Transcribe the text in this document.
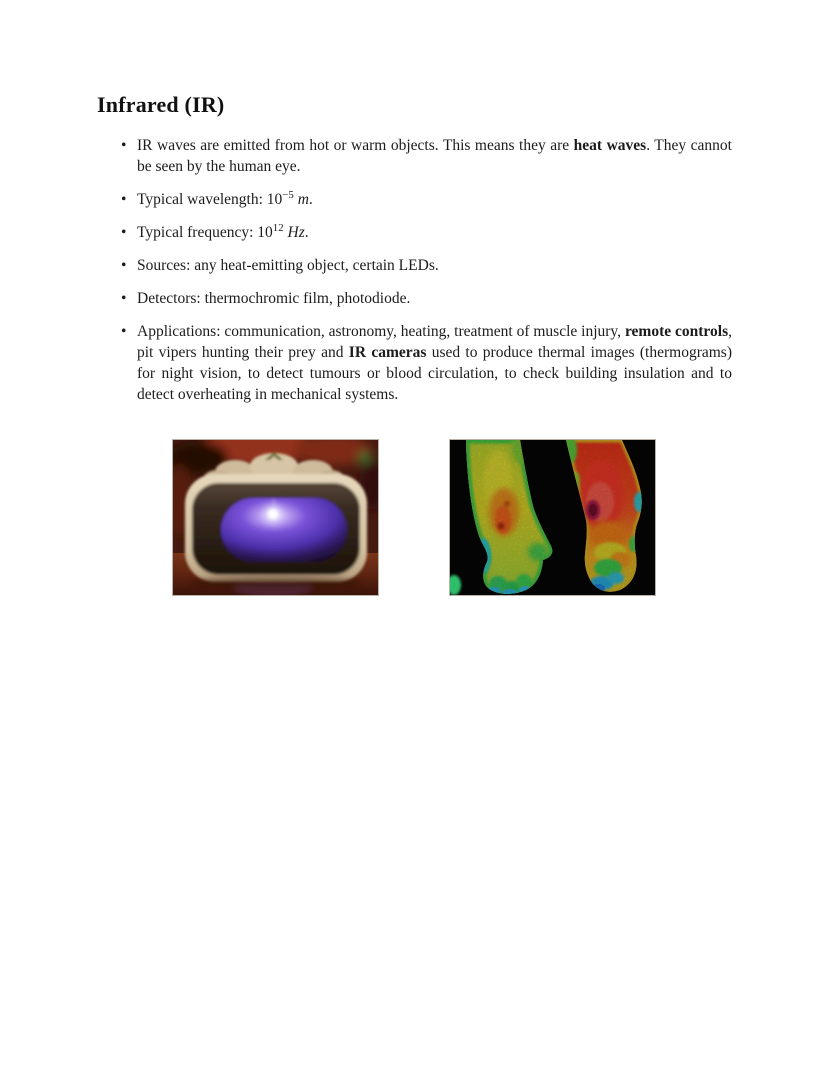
Infrared (IR)
• IR waves are emitted from hot or warm objects. This means they are heat waves. They cannot be seen by the human eye.
• Typical wavelength: $10^{-5}$ m.
• Typical frequency: $10^{12}$ Hz.
• Sources: any heat-emitting object, certain LEDs.
• Detectors: thermochromic film, photodiode.
• Applications: communication, astronomy, heating, treatment of muscle injury, remote controls, pit vipers hunting their prey and IR cameras used to produce thermal images (thermograms) for night vision, to detect tumours or blood circulation, to check building insulation and to detect overheating in mechanical systems.
